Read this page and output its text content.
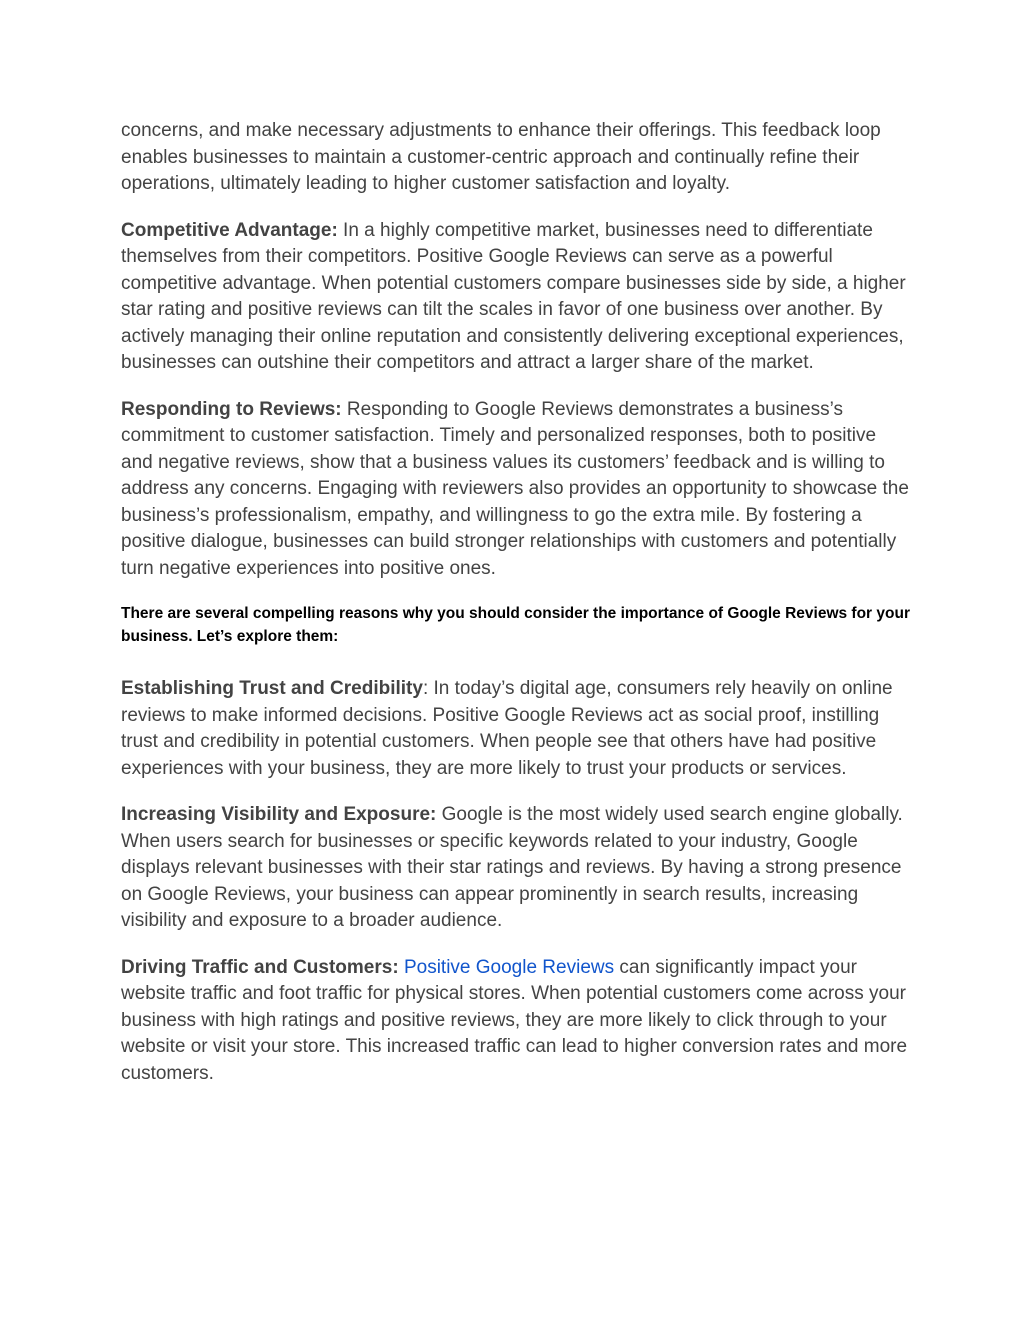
concerns, and make necessary adjustments to enhance their offerings. This feedback loop enables businesses to maintain a customer-centric approach and continually refine their operations, ultimately leading to higher customer satisfaction and loyalty.

Competitive Advantage: In a highly competitive market, businesses need to differentiate themselves from their competitors. Positive Google Reviews can serve as a powerful competitive advantage. When potential customers compare businesses side by side, a higher star rating and positive reviews can tilt the scales in favor of one business over another. By actively managing their online reputation and consistently delivering exceptional experiences, businesses can outshine their competitors and attract a larger share of the market.

Responding to Reviews: Responding to Google Reviews demonstrates a business’s commitment to customer satisfaction. Timely and personalized responses, both to positive and negative reviews, show that a business values its customers’ feedback and is willing to address any concerns. Engaging with reviewers also provides an opportunity to showcase the business’s professionalism, empathy, and willingness to go the extra mile. By fostering a positive dialogue, businesses can build stronger relationships with customers and potentially turn negative experiences into positive ones.

There are several compelling reasons why you should consider the importance of Google Reviews for your business. Let’s explore them:

Establishing Trust and Credibility: In today’s digital age, consumers rely heavily on online reviews to make informed decisions. Positive Google Reviews act as social proof, instilling trust and credibility in potential customers. When people see that others have had positive experiences with your business, they are more likely to trust your products or services.

Increasing Visibility and Exposure: Google is the most widely used search engine globally. When users search for businesses or specific keywords related to your industry, Google displays relevant businesses with their star ratings and reviews. By having a strong presence on Google Reviews, your business can appear prominently in search results, increasing visibility and exposure to a broader audience.

Driving Traffic and Customers: Positive Google Reviews can significantly impact your website traffic and foot traffic for physical stores. When potential customers come across your business with high ratings and positive reviews, they are more likely to click through to your website or visit your store. This increased traffic can lead to higher conversion rates and more customers.
